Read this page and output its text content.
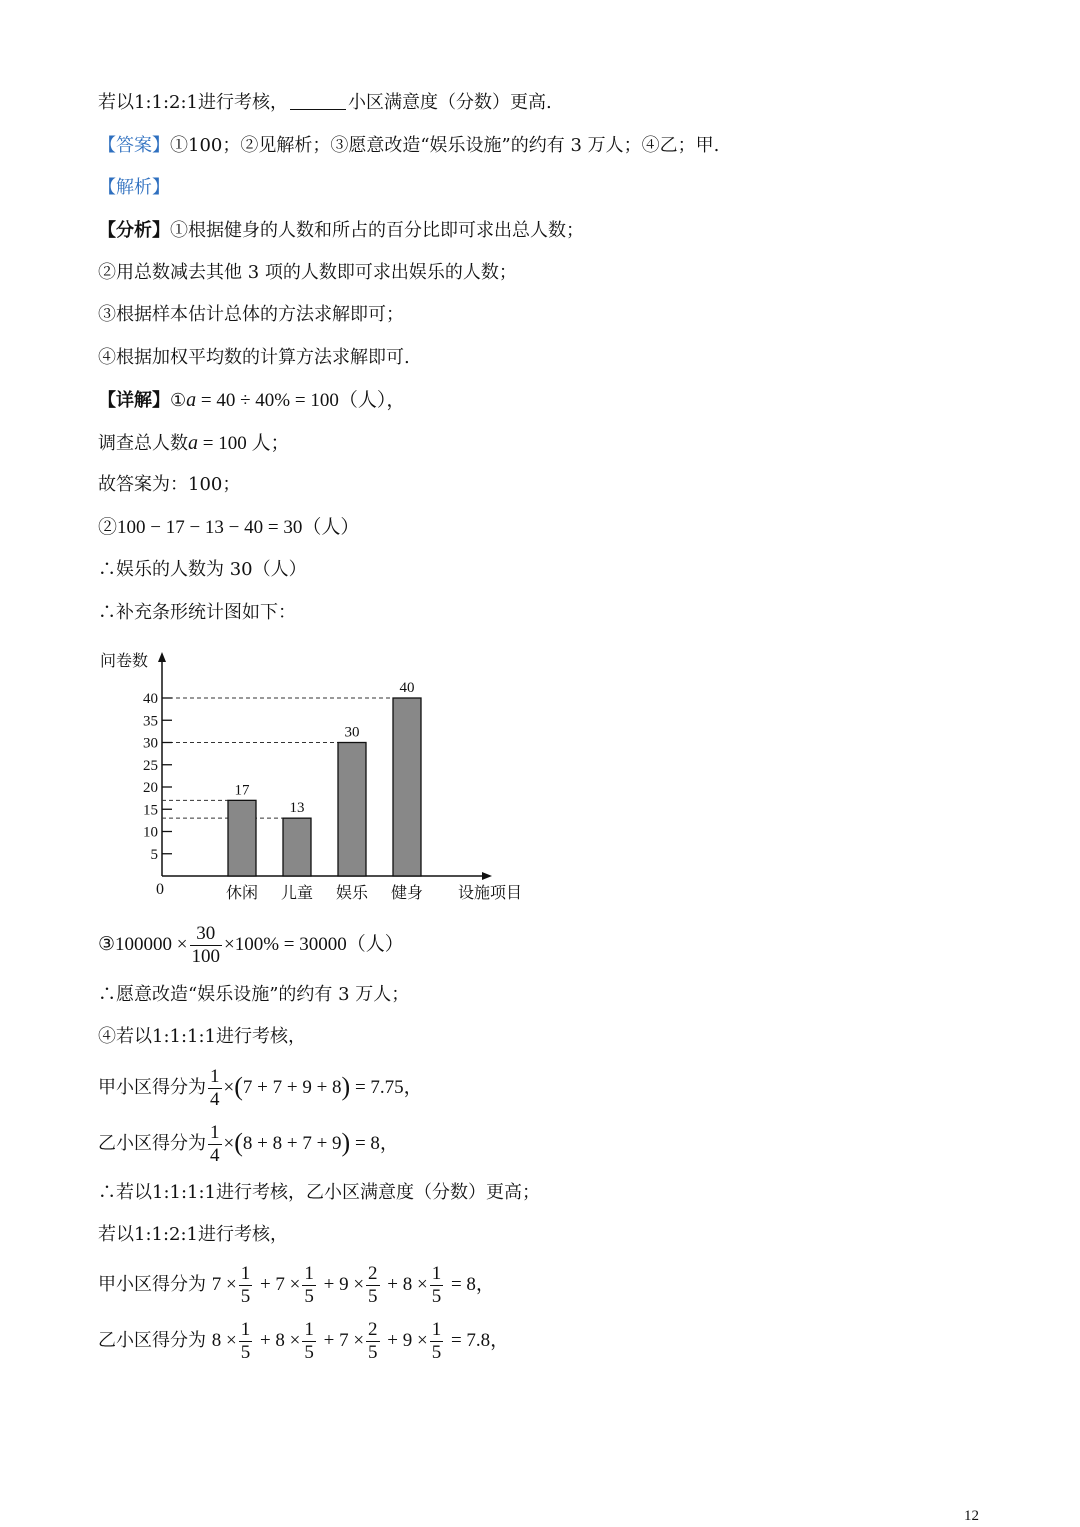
若以1:1:2:1进行考核，	小区满意度（分数）更高.
【答案】①100；②见解析；③愿意改造“娱乐设施”的约有 3 万人；④乙；甲.
【解析】
【分析】①根据健身的人数和所占的百分比即可求出总人数；
②用总数减去其他 3 项的人数即可求出娱乐的人数；
③根据样本估计总体的方法求解即可；
④根据加权平均数的计算方法求解即可.
【详解】①a = 40 ÷ 40% = 100（人），
调查总人数a = 100 人；
故答案为：100；
②100 − 17 − 13 − 40 = 30（人）
∴娱乐的人数为 30（人）
∴补充条形统计图如下：
问卷数
设施项目
0
5
10
15
20
25
30
35
40
17
休闲
13
儿童
30
娱乐
40
健身
③100000 × $\frac{30}{100} \times 100\% = 30000$（人）
∴愿意改造“娱乐设施”的约有 3 万人；
④若以1:1:1:1进行考核，
甲小区得分为 $\frac{1}{4} \times(7 + 7 + 9 + 8) = 7.75$，
乙小区得分为 $\frac{1}{4} \times(8 + 8 + 7 + 9) = 8$，
∴若以1:1:1:1进行考核，乙小区满意度（分数）更高；
若以1:1:2:1进行考核，
甲小区得分为 $7 \times \frac{1}{5} + 7 \times \frac{1}{5} + 9 \times \frac{2}{5} + 8 \times \frac{1}{5} = 8$，
乙小区得分为 $8 \times \frac{1}{5} + 8 \times \frac{1}{5} + 7 \times \frac{2}{5} + 9 \times \frac{1}{5} = 7.8$，
12
